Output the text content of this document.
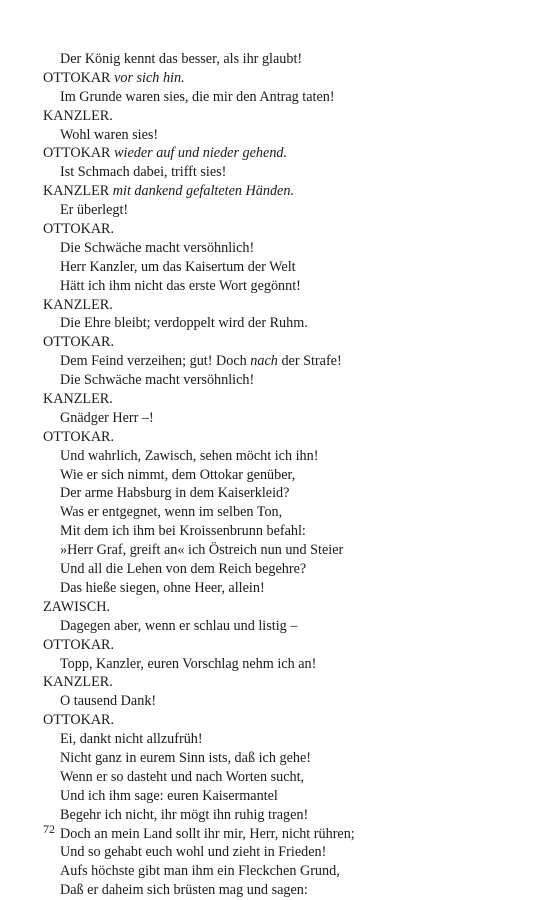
Der König kennt das besser, als ihr glaubt!
OTTOKAR vor sich hin.
Im Grunde waren sies, die mir den Antrag taten!
KANZLER.
Wohl waren sies!
OTTOKAR wieder auf und nieder gehend.
Ist Schmach dabei, trifft sies!
KANZLER mit dankend gefalteten Händen.
Er überlegt!
OTTOKAR.
Die Schwäche macht versöhnlich!
Herr Kanzler, um das Kaisertum der Welt
Hätt ich ihm nicht das erste Wort gegönnt!
KANZLER.
Die Ehre bleibt; verdoppelt wird der Ruhm.
OTTOKAR.
Dem Feind verzeihen; gut! Doch nach der Strafe!
Die Schwäche macht versöhnlich!
KANZLER.
Gnädger Herr –!
OTTOKAR.
Und wahrlich, Zawisch, sehen möcht ich ihn!
Wie er sich nimmt, dem Ottokar genüber,
Der arme Habsburg in dem Kaiserkleid?
Was er entgegnet, wenn im selben Ton,
Mit dem ich ihm bei Kroissenbrunn befahl:
»Herr Graf, greift an« ich Östreich nun und Steier
Und all die Lehen von dem Reich begehre?
Das hieße siegen, ohne Heer, allein!
ZAWISCH.
Dagegen aber, wenn er schlau und listig –
OTTOKAR.
Topp, Kanzler, euren Vorschlag nehm ich an!
KANZLER.
O tausend Dank!
OTTOKAR.
Ei, dankt nicht allzufrüh!
Nicht ganz in eurem Sinn ists, daß ich gehe!
Wenn er so dasteht und nach Worten sucht,
Und ich ihm sage: euren Kaisermantel
Begehr ich nicht, ihr mögt ihn ruhig tragen!
Doch an mein Land sollt ihr mir, Herr, nicht rühren;
Und so gehabt euch wohl und zieht in Frieden!
Aufs höchste gibt man ihm ein Fleckchen Grund,
Daß er daheim sich brüsten mag und sagen:
72
